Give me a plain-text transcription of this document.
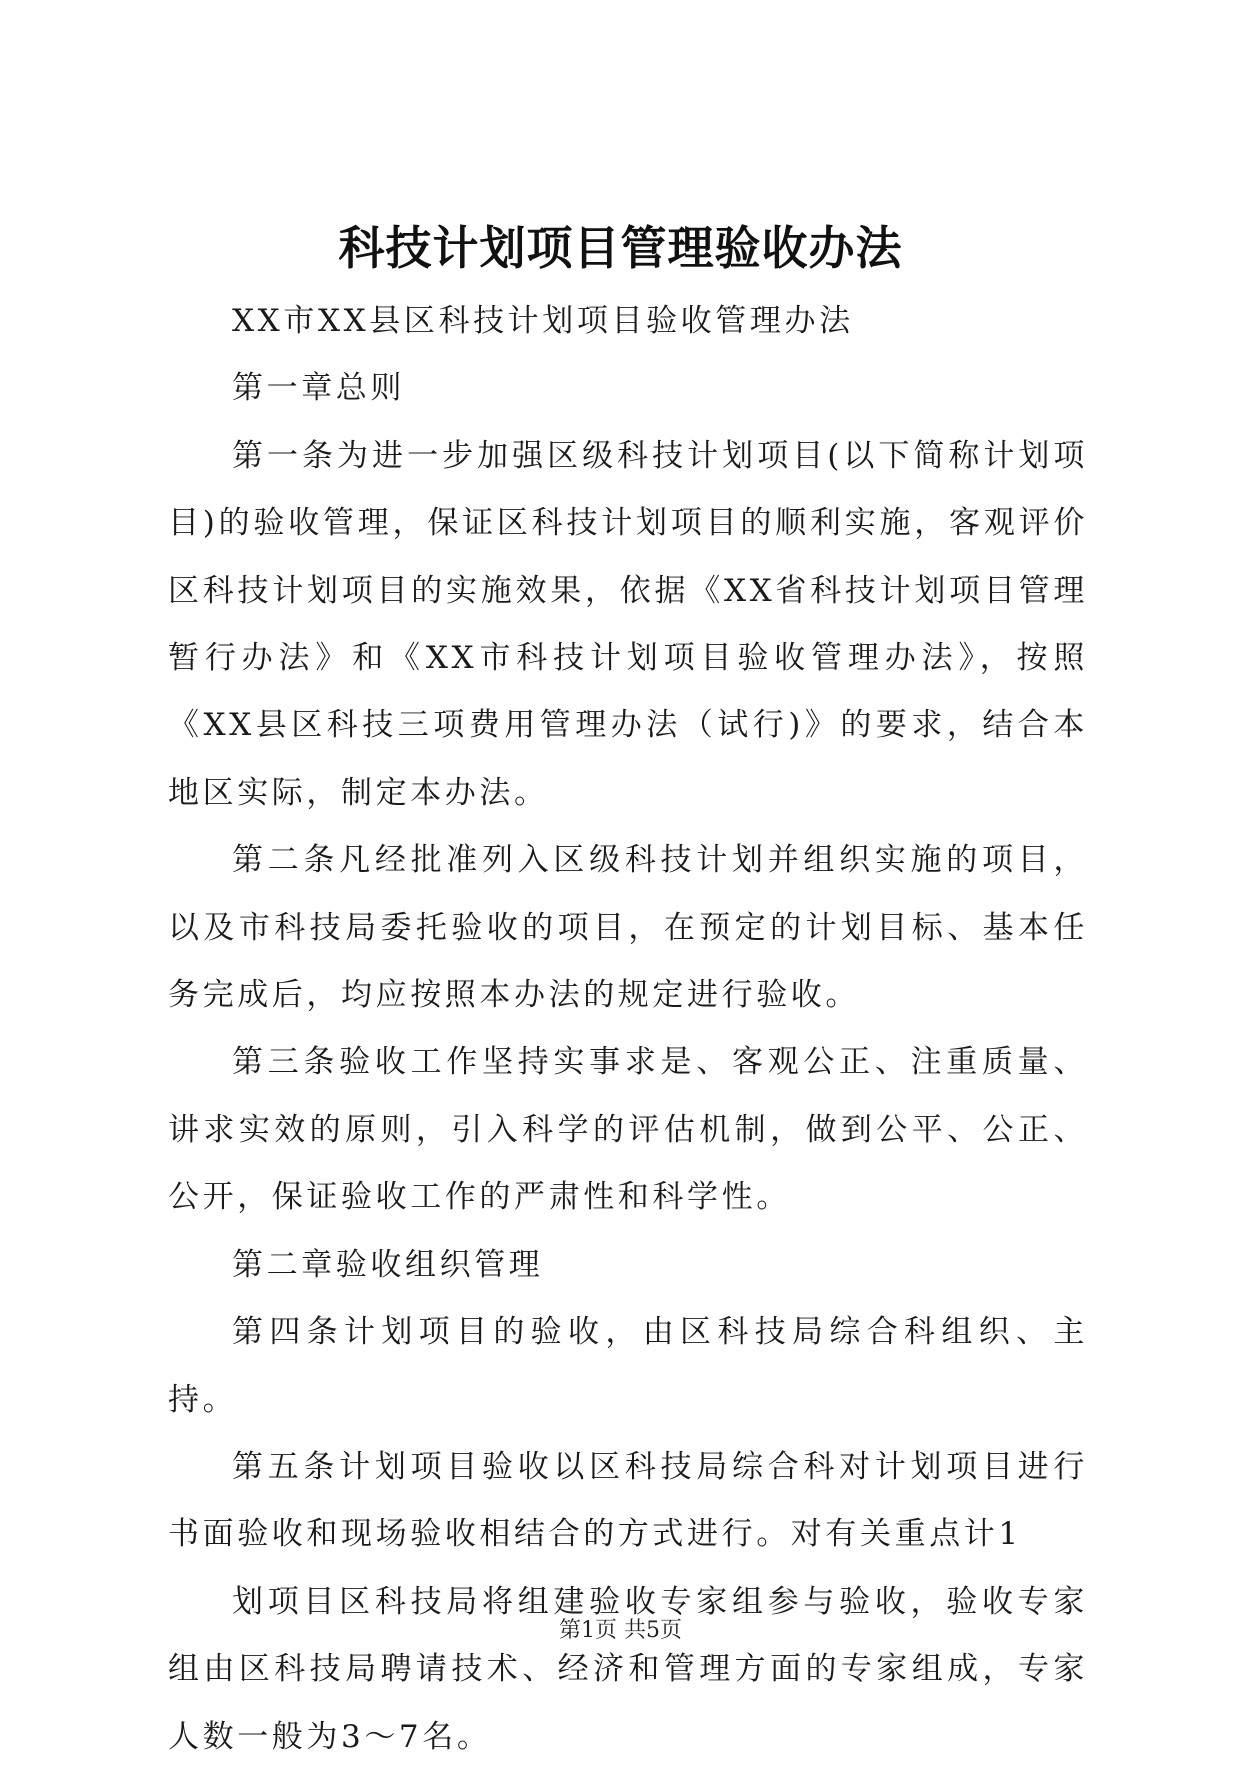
科技计划项目管理验收办法

XX市XX县区科技计划项目验收管理办法

第一章总则

第一条为进一步加强区级科技计划项目(以下简称计划项目)的验收管理，保证区科技计划项目的顺利实施，客观评价区科技计划项目的实施效果，依据《XX省科技计划项目管理暂行办法》和《XX市科技计划项目验收管理办法》，按照《XX县区科技三项费用管理办法（试行)》的要求，结合本地区实际，制定本办法。

第二条凡经批准列入区级科技计划并组织实施的项目，以及市科技局委托验收的项目，在预定的计划目标、基本任务完成后，均应按照本办法的规定进行验收。

第三条验收工作坚持实事求是、客观公正、注重质量、讲求实效的原则，引入科学的评估机制，做到公平、公正、公开，保证验收工作的严肃性和科学性。

第二章验收组织管理

第四条计划项目的验收，由区科技局综合科组织、主持。

第五条计划项目验收以区科技局综合科对计划项目进行书面验收和现场验收相结合的方式进行。对有关重点计1

划项目区科技局将组建验收专家组参与验收，验收专家组由区科技局聘请技术、经济和管理方面的专家组成，专家人数一般为3～7名。

第1页 共5页
